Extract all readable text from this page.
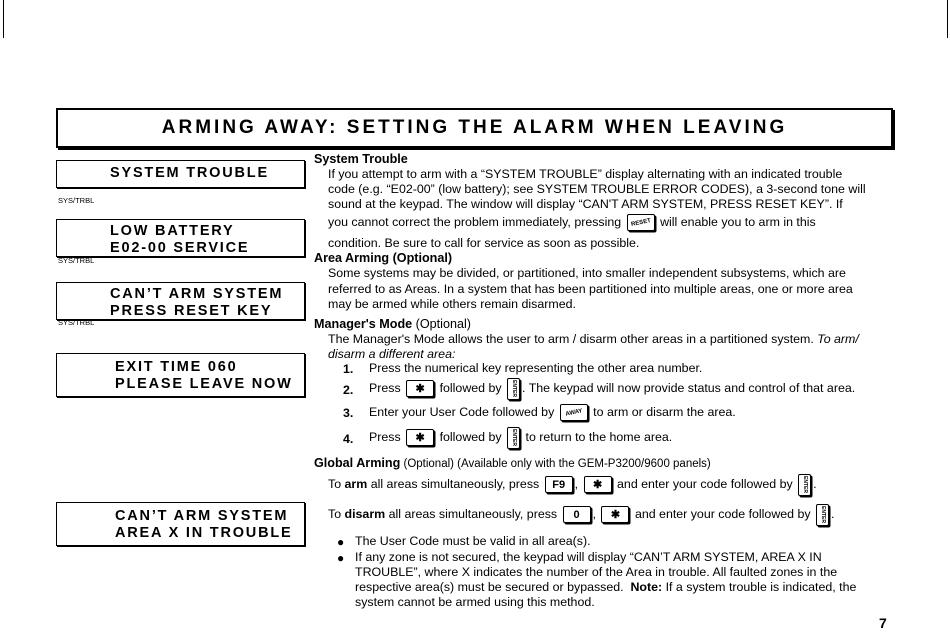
ARMING AWAY: SETTING THE ALARM WHEN LEAVING
SYSTEM TROUBLE
SYS/TRBL
LOW BATTERY
E02-00 SERVICE
SYS/TRBL
CAN’T ARM SYSTEM
PRESS RESET KEY
SYS/TRBL
EXIT TIME 060
PLEASE LEAVE NOW
CAN’T ARM SYSTEM
AREA X IN TROUBLE
System Trouble
If you attempt to arm with a “SYSTEM TROUBLE” display alternating with an indicated trouble
code (e.g. “E02-00” (low battery); see SYSTEM TROUBLE ERROR CODES), a 3-second tone will
sound at the keypad. The window will display “CAN'T ARM SYSTEM, PRESS RESET KEY”. If
you cannot correct the problem immediately, pressing	RESET will enable you to arm in this
condition. Be sure to call for service as soon as possible.
Area Arming (Optional)
Some systems may be divided, or partitioned, into smaller independent subsystems, which are
referred to as Areas. In a system that has been partitioned into multiple areas, one or more area
may be armed while others remain disarmed.
Manager's Mode (Optional)
The Manager's Mode allows the user to arm / disarm other areas in a partitioned system. To arm/
disarm a different area:
1. Press the numerical key representing the other area number.
2. Press	✱	followed by	ENTER . The keypad will now provide status and control of that area.
3. Enter your User Code followed by	AWAY to arm or disarm the area.
4. Press	✱	followed by	ENTER to return to the home area.
Global Arming (Optional) (Available only with the GEM-P3200/9600 panels)
To arm all areas simultaneously, press	F9 ,	✱	and enter your code followed by	ENTER .
To disarm all areas simultaneously, press	0	,	✱	and enter your code followed by	ENTER .
● The User Code must be valid in all area(s).
● If any zone is not secured, the keypad will display “CAN’T ARM SYSTEM, AREA X IN
TROUBLE”, where X indicates the number of the Area in trouble. All faulted zones in the
respective area(s) must be secured or bypassed. Note: If a system trouble is indicated, the
system cannot be armed using this method.
7
